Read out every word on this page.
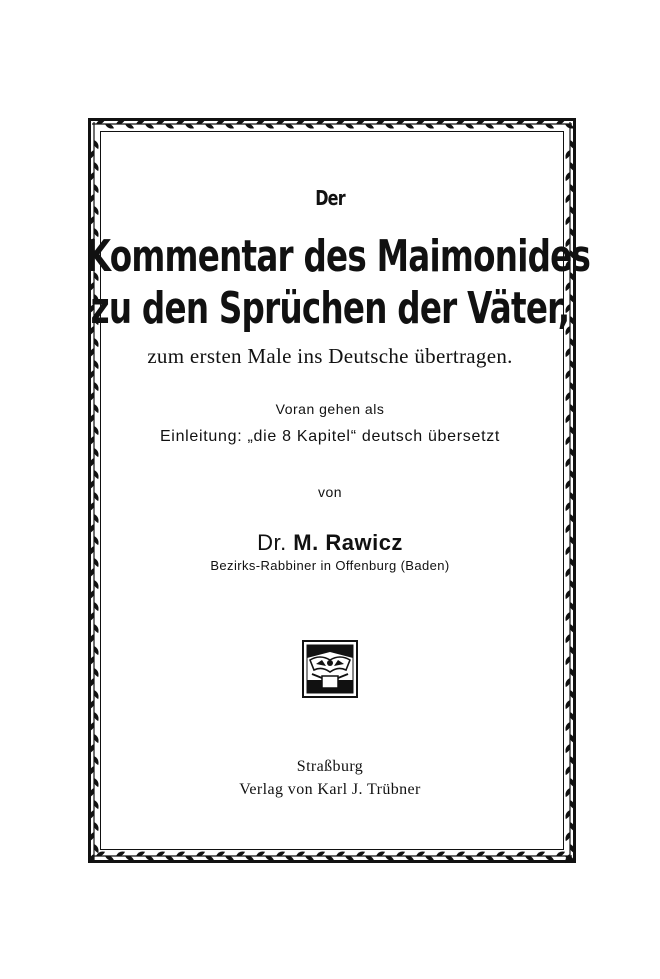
Der
Kommentar des Maimonides
zu den Sprüchen der Väter,
zum ersten Male ins Deutsche übertragen.
Voran gehen als
Einleitung: „die 8 Kapitel“ deutsch übersetzt
von
Dr. M. Rawicz
Bezirks-Rabbiner in Offenburg (Baden)
Straßburg
Verlag von Karl J. Trübner
